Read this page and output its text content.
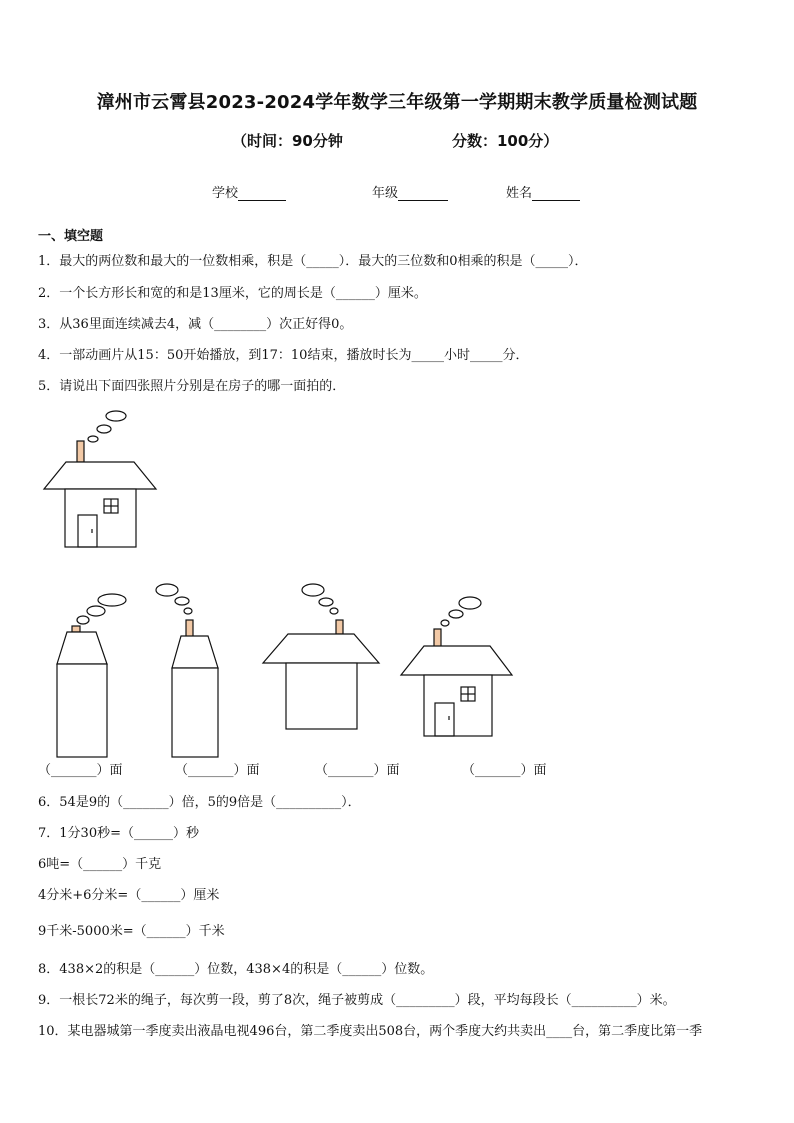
漳州市云霄县2023-2024学年数学三年级第一学期期末教学质量检测试题
（时间：90分钟	分数：100分）
学校	年级	姓名
一、填空题
1．最大的两位数和最大的一位数相乘，积是（_____）．最大的三位数和0相乘的积是（_____）．
2．一个长方形长和宽的和是13厘米，它的周长是（______）厘米。
3．从36里面连续减去4，减（________）次正好得0。
4．一部动画片从15：50开始播放，到17：10结束，播放时长为_____小时_____分．
5．请说出下面四张照片分别是在房子的哪一面拍的．
（_______）面	（_______）面	（_______）面	（_______）面
6．54是9的（_______）倍，5的9倍是（__________）．
7．1分30秒=（______）秒
6吨=（______）千克
4分米+6分米=（______）厘米
9千米-5000米=（______）千米
8．438×2的积是（______）位数，438×4的积是（______）位数。
9．一根长72米的绳子，每次剪一段，剪了8次，绳子被剪成（_________）段，平均每段长（__________）米。
10．某电器城第一季度卖出液晶电视496台，第二季度卖出508台，两个季度大约共卖出____台，第二季度比第一季
